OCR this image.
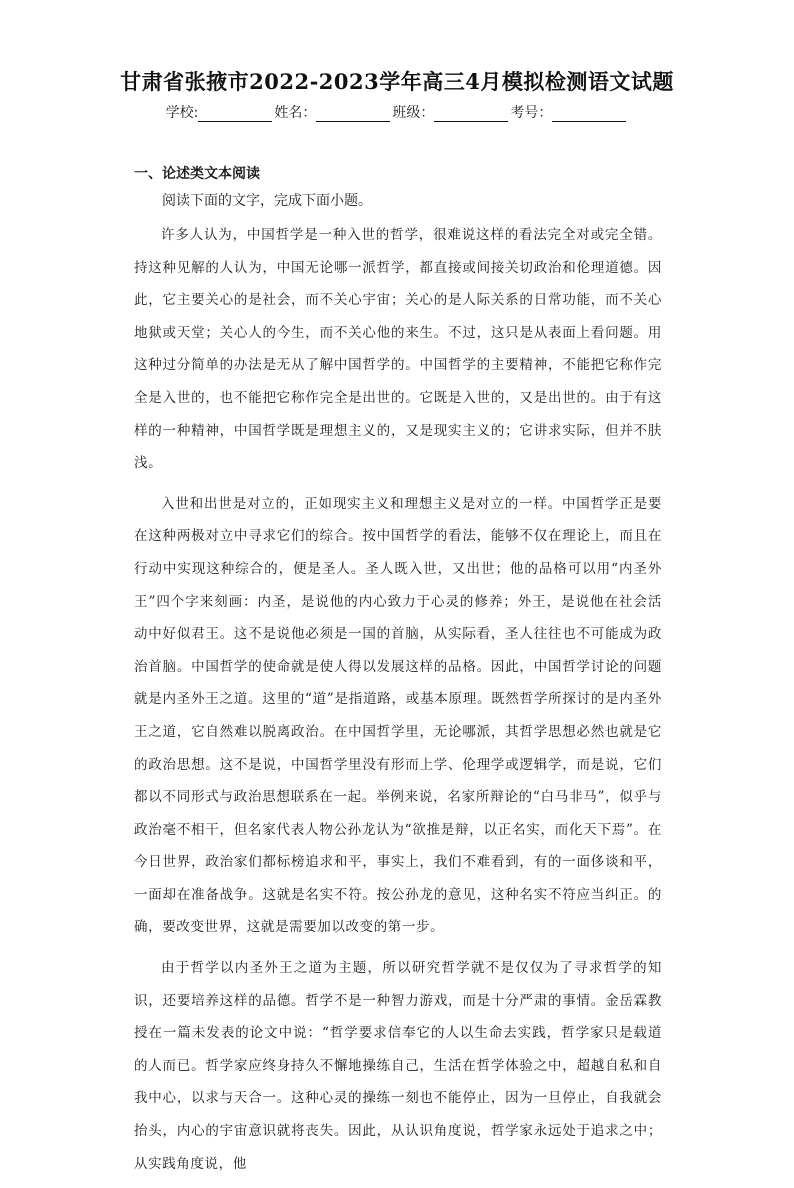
甘肃省张掖市2022-2023学年高三4月模拟检测语文试题
学校:	姓名：	班级：	考号：
一、论述类文本阅读
阅读下面的文字，完成下面小题。

许多人认为，中国哲学是一种入世的哲学，很难说这样的看法完全对或完全错。持这种见解的人认为，中国无论哪一派哲学，都直接或间接关切政治和伦理道德。因此，它主要关心的是社会，而不关心宇宙；关心的是人际关系的日常功能，而不关心地狱或天堂；关心人的今生，而不关心他的来生。不过，这只是从表面上看问题。用这种过分简单的办法是无从了解中国哲学的。中国哲学的主要精神，不能把它称作完全是入世的，也不能把它称作完全是出世的。它既是入世的，又是出世的。由于有这样的一种精神，中国哲学既是理想主义的，又是现实主义的；它讲求实际，但并不肤浅。

入世和出世是对立的，正如现实主义和理想主义是对立的一样。中国哲学正是要在这种两极对立中寻求它们的综合。按中国哲学的看法，能够不仅在理论上，而且在行动中实现这种综合的，便是圣人。圣人既入世，又出世；他的品格可以用“内圣外王”四个字来刻画：内圣，是说他的内心致力于心灵的修养；外王，是说他在社会活动中好似君王。这不是说他必须是一国的首脑，从实际看，圣人往往也不可能成为政治首脑。中国哲学的使命就是使人得以发展这样的品格。因此，中国哲学讨论的问题就是内圣外王之道。这里的“道”是指道路，或基本原理。既然哲学所探讨的是内圣外王之道，它自然难以脱离政治。在中国哲学里，无论哪派，其哲学思想必然也就是它的政治思想。这不是说，中国哲学里没有形而上学、伦理学或逻辑学，而是说，它们都以不同形式与政治思想联系在一起。举例来说，名家所辩论的“白马非马”，似乎与政治毫不相干，但名家代表人物公孙龙认为“欲推是辩，以正名实，而化天下焉”。在今日世界，政治家们都标榜追求和平，事实上，我们不难看到，有的一面侈谈和平，一面却在准备战争。这就是名实不符。按公孙龙的意见，这种名实不符应当纠正。的确，要改变世界，这就是需要加以改变的第一步。

由于哲学以内圣外王之道为主题，所以研究哲学就不是仅仅为了寻求哲学的知识，还要培养这样的品德。哲学不是一种智力游戏，而是十分严肃的事情。金岳霖教授在一篇未发表的论文中说：“哲学要求信奉它的人以生命去实践，哲学家只是载道的人而已。哲学家应终身持久不懈地操练自己，生活在哲学体验之中，超越自私和自我中心，以求与天合一。这种心灵的操练一刻也不能停止，因为一旦停止，自我就会抬头，内心的宇宙意识就将丧失。因此，从认识角度说，哲学家永远处于追求之中；从实践角度说，他
